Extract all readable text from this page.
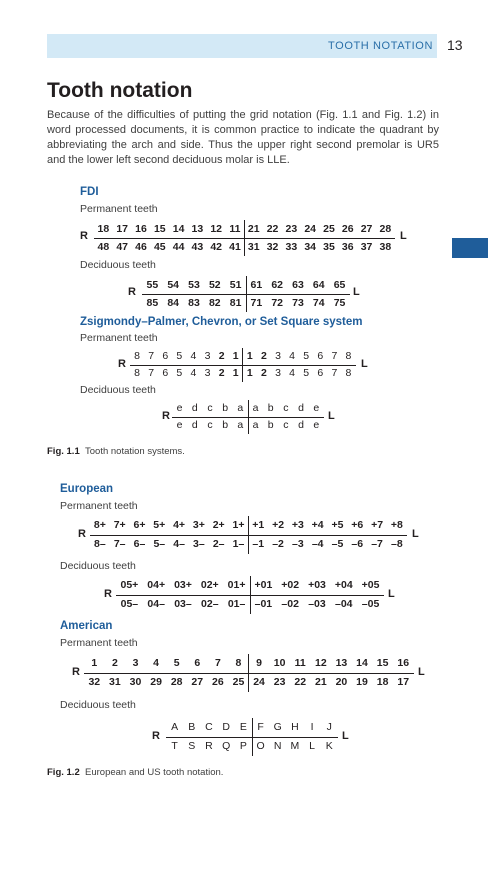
TOOTH NOTATION 13
Tooth notation

Because of the difficulties of putting the grid notation (Fig. 1.1 and Fig. 1.2) in word processed documents, it is common practice to indicate the quadrant by abbreviating the arch and side. Thus the upper right second premolar is UR5 and the lower left second deciduous molar is LLE.

FDI
Permanent teeth
R
18 17 16 15 14 13 12 11 21 22 23 24 25 26 27 28
48 47 46 45 44 43 42 41 31 32 33 34 35 36 37 38
L
Deciduous teeth
R
55 54 53 52 51 61 62 63 64 65
85 84 83 82 81 71 72 73 74 75
L
Zsigmondy–Palmer, Chevron, or Set Square system
Permanent teeth
R
8 7 6 5 4 3 2 1 1 2 3 4 5 6 7 8
8 7 6 5 4 3 2 1 1 2 3 4 5 6 7 8
L
Deciduous teeth
R
e d c b a a b c d e
e d c b a a b c d e
L
Fig. 1.1 Tooth notation systems.
European
Permanent teeth
R
8+ 7+ 6+ 5+ 4+ 3+ 2+ 1+ +1 +2 +3 +4 +5 +6 +7 +8
8– 7– 6– 5– 4– 3– 2– 1– –1 –2 –3 –4 –5 –6 –7 –8
L
Deciduous teeth
R
05+ 04+ 03+ 02+ 01+ +01 +02 +03 +04 +05
05– 04– 03– 02– 01– –01 –02 –03 –04 –05
L
American
Permanent teeth
R
1	2	3	4	5	6	7	8	9	10 11 12 13 14 15 16
32 31 30 29 28 27 26 25 24 23 22 21 20 19 18 17
L
Deciduous teeth
R
A B C D E F G H	I	J
T S R Q P O N M L	K
L
Fig. 1.2 European and US tooth notation.
